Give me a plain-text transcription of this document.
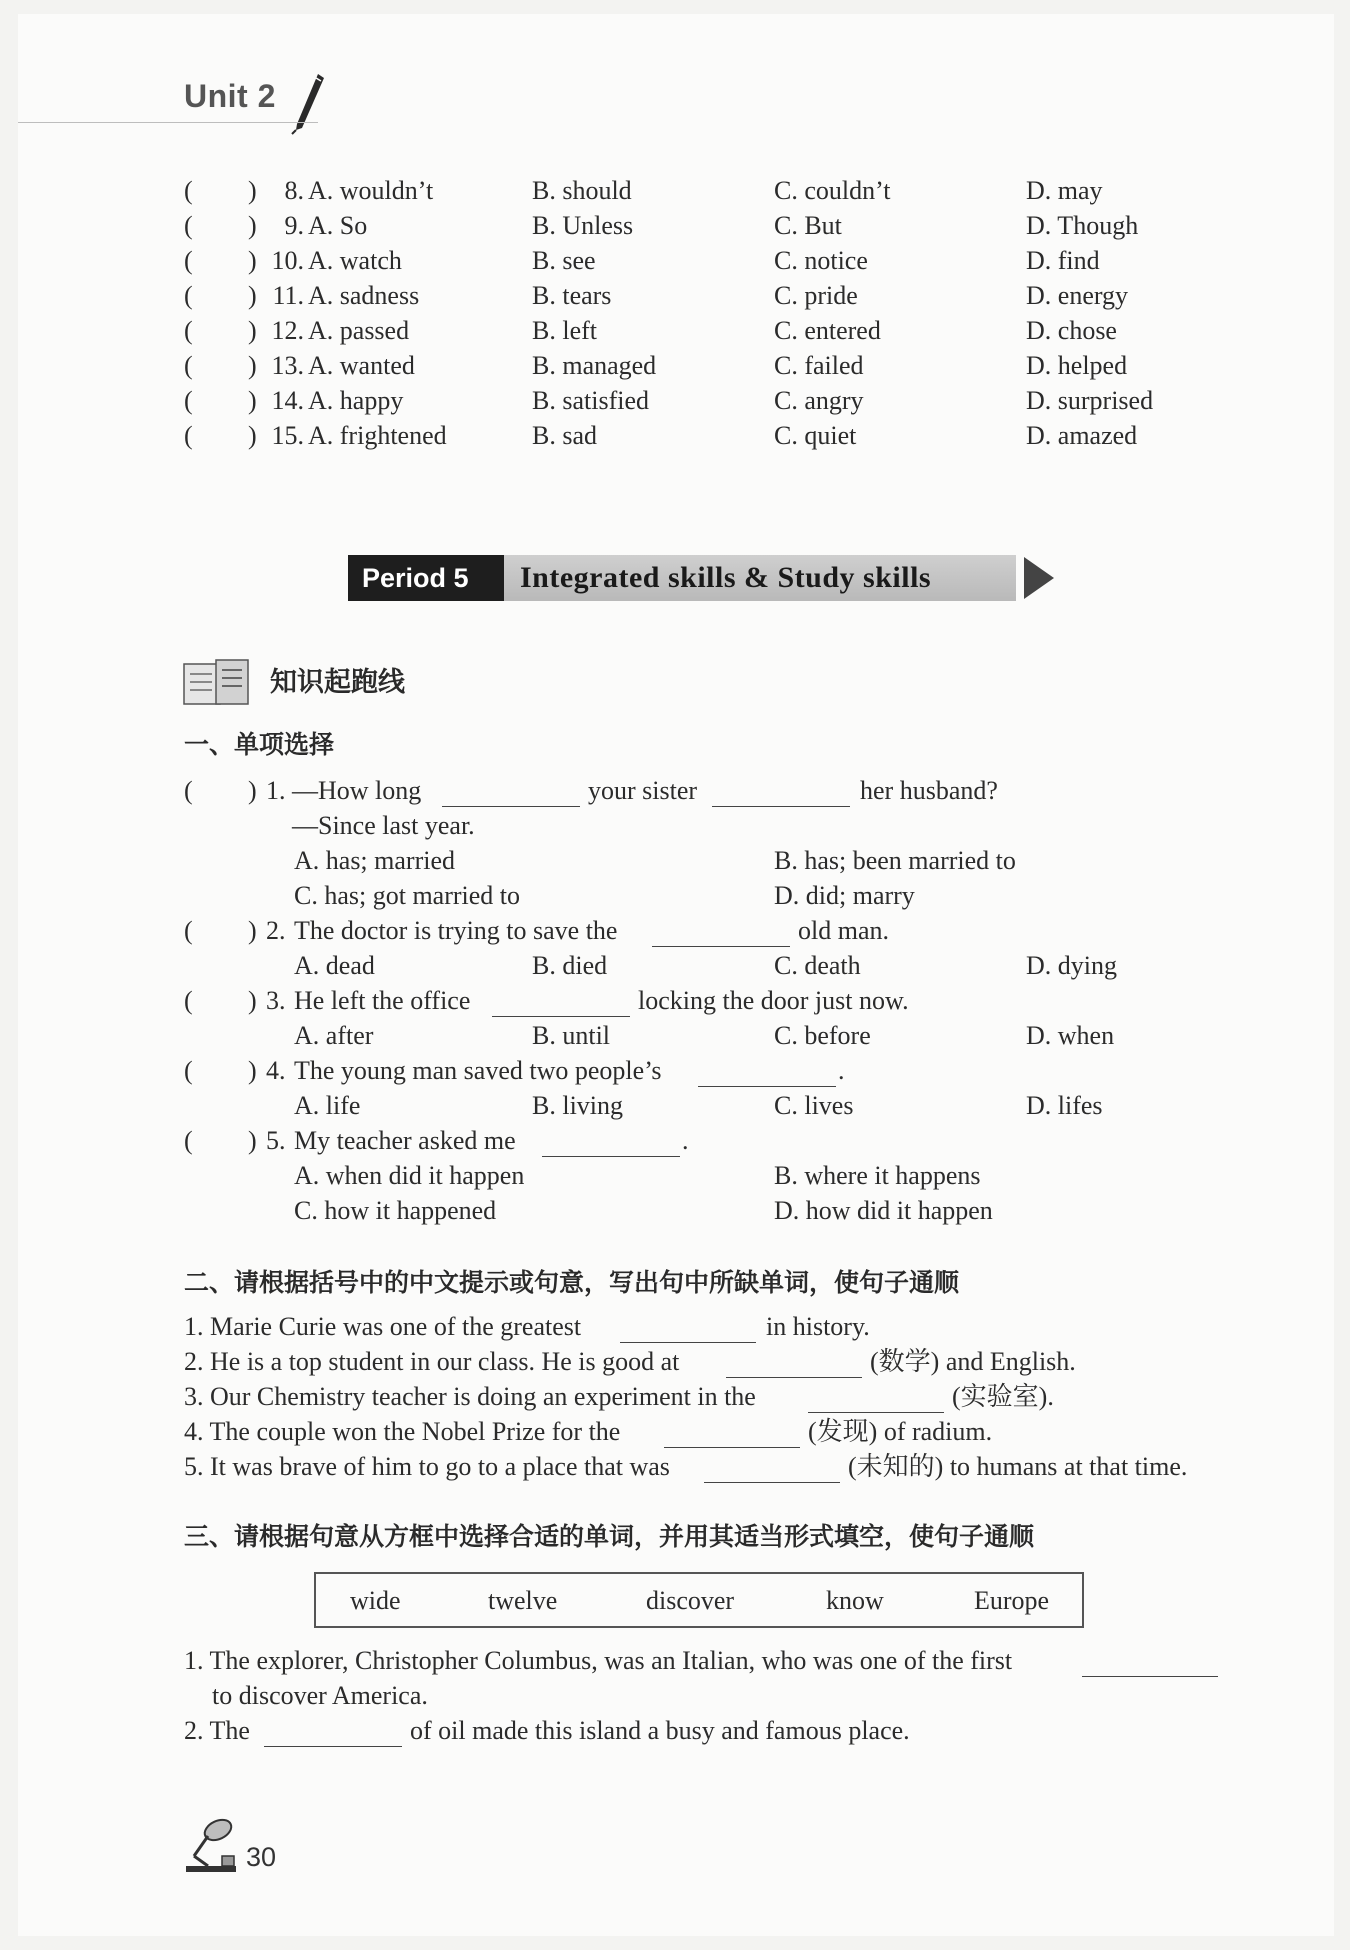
Unit 2
( )	8. A. wouldn’t	B. should	C. couldn’t	D. may
( )	9. A. So	B. Unless	C. But	D. Though
( ) 10. A. watch	B. see	C. notice	D. find
( ) 11. A. sadness	B. tears	C. pride	D. energy
( ) 12. A. passed	B. left	C. entered	D. chose
( ) 13. A. wanted	B. managed	C. failed	D. helped
( ) 14. A. happy	B. satisfied	C. angry	D. surprised
( ) 15. A. frightened	B. sad	C. quiet	D. amazed
Period 5	Integrated skills & Study skills
知识起跑线
一、单项选择
( ) 1. —How long	your sister	her husband?
—Since last year.
A. has; married	B. has; been married to
C. has; got married to	D. did; marry
( ) 2. The doctor is trying to save the	old man.
A. dead	B. died	C. death	D. dying
( ) 3. He left the office	locking the door just now.
A. after	B. until	C. before	D. when
( ) 4. The young man saved two people’s	.
A. life	B. living	C. lives	D. lifes
( ) 5. My teacher asked me	.
A. when did it happen	B. where it happens
C. how it happened	D. how did it happen
二、请根据括号中的中文提示或句意，写出句中所缺单词，使句子通顺
1. Marie Curie was one of the greatest	in history.
2. He is a top student in our class. He is good at	(数学) and English.
3. Our Chemistry teacher is doing an experiment in the	(实验室).
4. The couple won the Nobel Prize for the	(发现) of radium.
5. It was brave of him to go to a place that was	(未知的) to humans at that time.
三、请根据句意从方框中选择合适的单词，并用其适当形式填空，使句子通顺
wide	twelve	discover	know	Europe
1. The explorer, Christopher Columbus, was an Italian, who was one of the first
to discover America.
2. The	of oil made this island a busy and famous place.
30
